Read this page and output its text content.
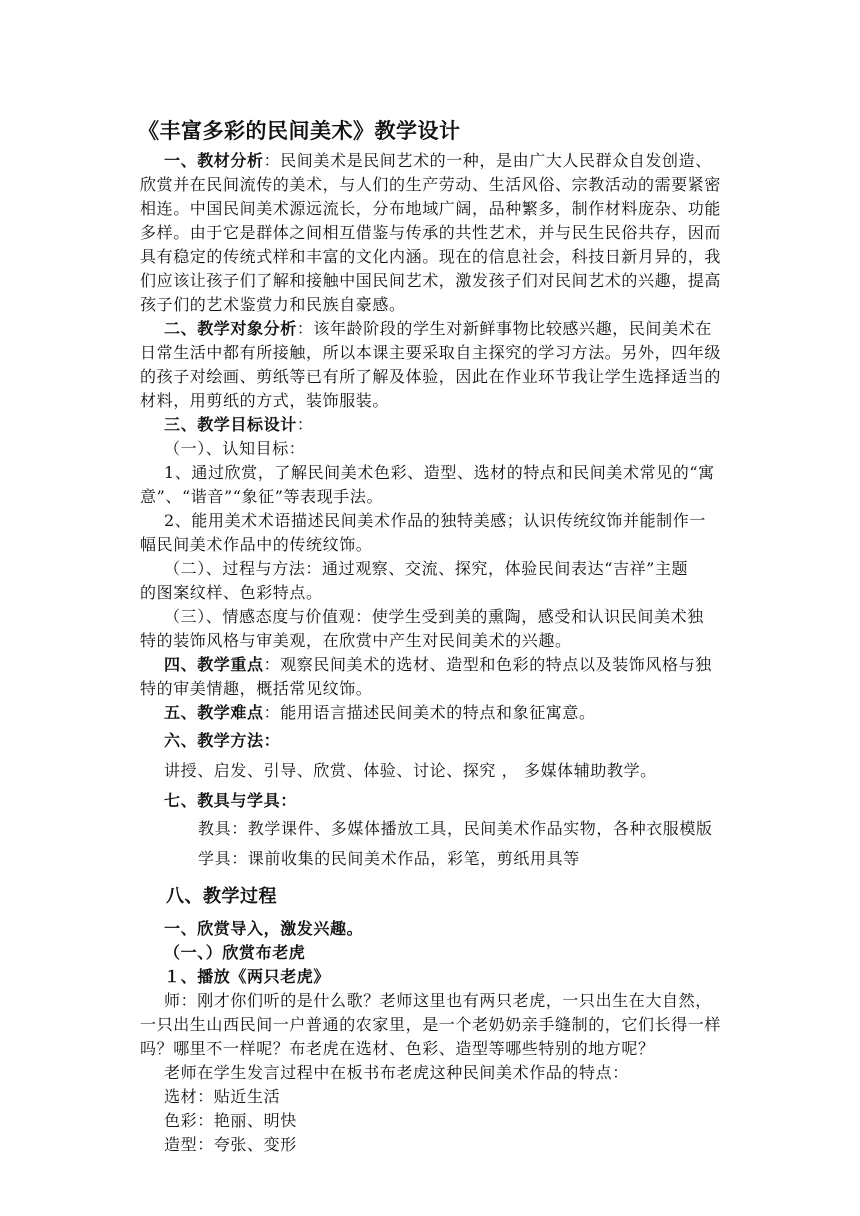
《丰富多彩的民间美术》教学设计

一、教材分析：民间美术是民间艺术的一种，是由广大人民群众自发创造、

欣赏并在民间流传的美术，与人们的生产劳动、生活风俗、宗教活动的需要紧密

相连。中国民间美术源远流长，分布地域广阔，品种繁多，制作材料庞杂、功能

多样。由于它是群体之间相互借鉴与传承的共性艺术，并与民生民俗共存，因而

具有稳定的传统式样和丰富的文化内涵。现在的信息社会，科技日新月异的，我

们应该让孩子们了解和接触中国民间艺术，激发孩子们对民间艺术的兴趣，提高

孩子们的艺术鉴赏力和民族自豪感。

二、教学对象分析：该年龄阶段的学生对新鲜事物比较感兴趣，民间美术在

日常生活中都有所接触，所以本课主要采取自主探究的学习方法。另外，四年级

的孩子对绘画、剪纸等已有所了解及体验，因此在作业环节我让学生选择适当的

材料，用剪纸的方式，装饰服装。

三、教学目标设计：

（一）、认知目标：

1、通过欣赏，了解民间美术色彩、造型、选材的特点和民间美术常见的“寓

意”、“谐音”“象征”等表现手法。

2、能用美术术语描述民间美术作品的独特美感；认识传统纹饰并能制作一

幅民间美术作品中的传统纹饰。

（二）、过程与方法：通过观察、交流、探究，体验民间表达“吉祥”主题

的图案纹样、色彩特点。

（三）、情感态度与价值观：使学生受到美的熏陶，感受和认识民间美术独

特的装饰风格与审美观，在欣赏中产生对民间美术的兴趣。

四、教学重点：观察民间美术的选材、造型和色彩的特点以及装饰风格与独

特的审美情趣，概括常见纹饰。

五、教学难点：能用语言描述民间美术的特点和象征寓意。

六、教学方法：

讲授、启发、引导、欣赏、体验、讨论、探究 ， 多媒体辅助教学。

七、教具与学具：

教具：教学课件、多媒体播放工具，民间美术作品实物，各种衣服模版

学具：课前收集的民间美术作品，彩笔，剪纸用具等

八、教学过程

一、欣赏导入，激发兴趣。

（一、）欣赏布老虎

１、播放《两只老虎》

师：刚才你们听的是什么歌？老师这里也有两只老虎，一只出生在大自然，

一只出生山西民间一户普通的农家里，是一个老奶奶亲手缝制的，它们长得一样

吗？哪里不一样呢？布老虎在选材、色彩、造型等哪些特别的地方呢？

老师在学生发言过程中在板书布老虎这种民间美术作品的特点：

选材：贴近生活

色彩：艳丽、明快

造型：夸张、变形
